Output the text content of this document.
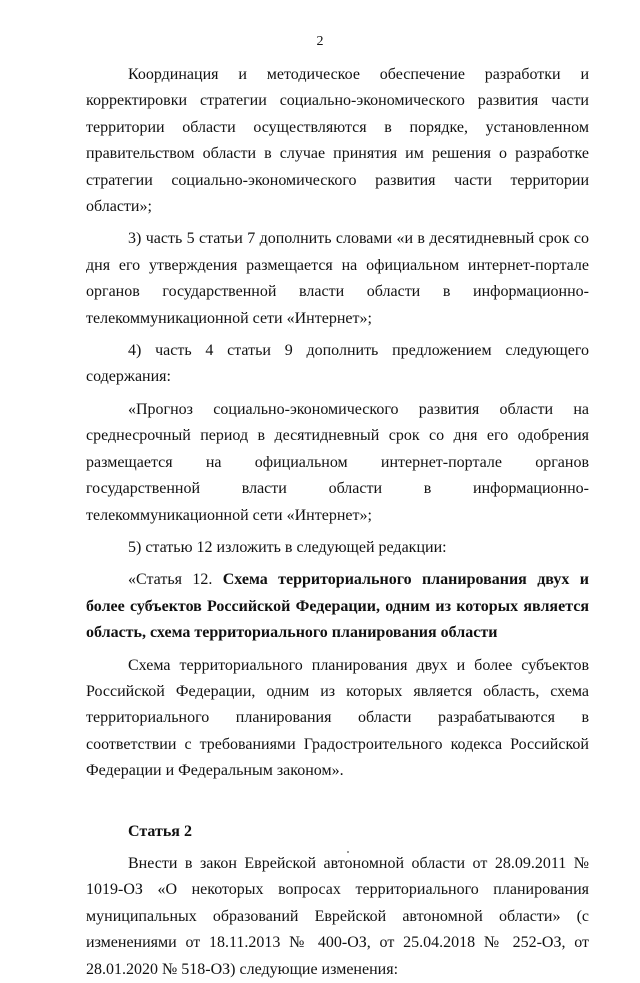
2

Координация и методическое обеспечение разработки и корректировки стратегии социально-экономического развития части территории области осуществляются в порядке, установленном правительством области в случае принятия им решения о разработке стратегии социально-экономического развития части территории области»;

3) часть 5 статьи 7 дополнить словами «и в десятидневный срок со дня его утверждения размещается на официальном интернет-портале органов государственной власти области в информационно-телекоммуникационной сети «Интернет»;

4) часть 4 статьи 9 дополнить предложением следующего содержания:

«Прогноз социально-экономического развития области на среднесрочный период в десятидневный срок со дня его одобрения размещается на официальном интернет-портале органов государственной власти области в информационно-телекоммуникационной сети «Интернет»;

5) статью 12 изложить в следующей редакции:

«Статья 12. Схема территориального планирования двух и более субъектов Российской Федерации, одним из которых является область, схема территориального планирования области

Схема территориального планирования двух и более субъектов Российской Федерации, одним из которых является область, схема территориального планирования области разрабатываются в соответствии с требованиями Градостроительного кодекса Российской Федерации и Федеральным законом».

Статья 2

Внести в закон Еврейской автономной области от 28.09.2011 № 1019-ОЗ «О некоторых вопросах территориального планирования муниципальных образований Еврейской автономной области» (с изменениями от 18.11.2013 № 400-ОЗ, от 25.04.2018 № 252-ОЗ, от 28.01.2020 № 518-ОЗ) следующие изменения:
